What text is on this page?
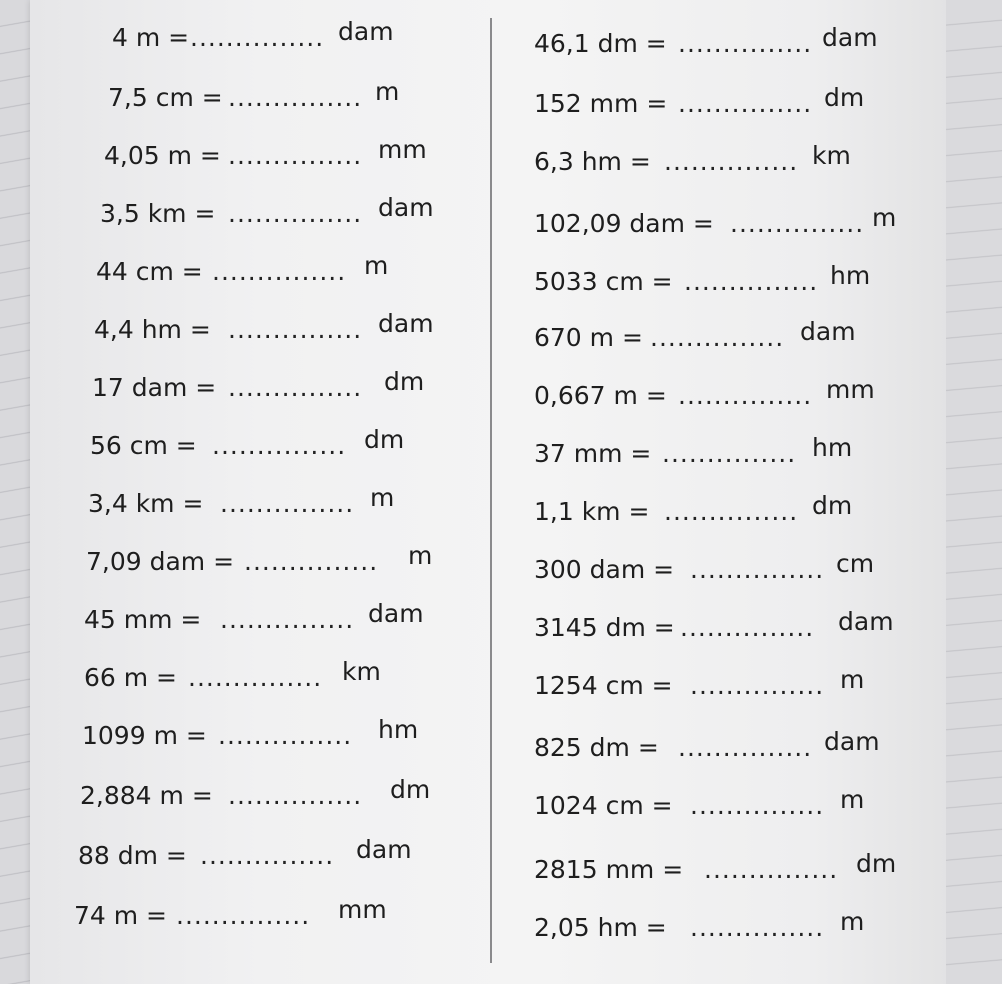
4 m = ............... dam
7,5 cm = ............... m
4,05 m = ............... mm
3,5 km = ............... dam
44 cm = ............... m
4,4 hm = ............... dam
17 dam = ............... dm
56 cm = ............... dm
3,4 km = ............... m
7,09 dam = ............... m
45 mm = ............... dam
66 m = ............... km
1099 m = ............... hm
2,884 m = ............... dm
88 dm = ............... dam
74 m = ............... mm
46,1 dm = ............... dam
152 mm = ............... dm
6,3 hm = ............... km
102,09 dam = ............... m
5033 cm = ............... hm
670 m = ............... dam
0,667 m = ............... mm
37 mm = ............... hm
1,1 km = ............... dm
300 dam = ............... cm
3145 dm = ............... dam
1254 cm = ............... m
825 dm = ............... dam
1024 cm = ............... m
2815 mm = ............... dm
2,05 hm = ............... m
